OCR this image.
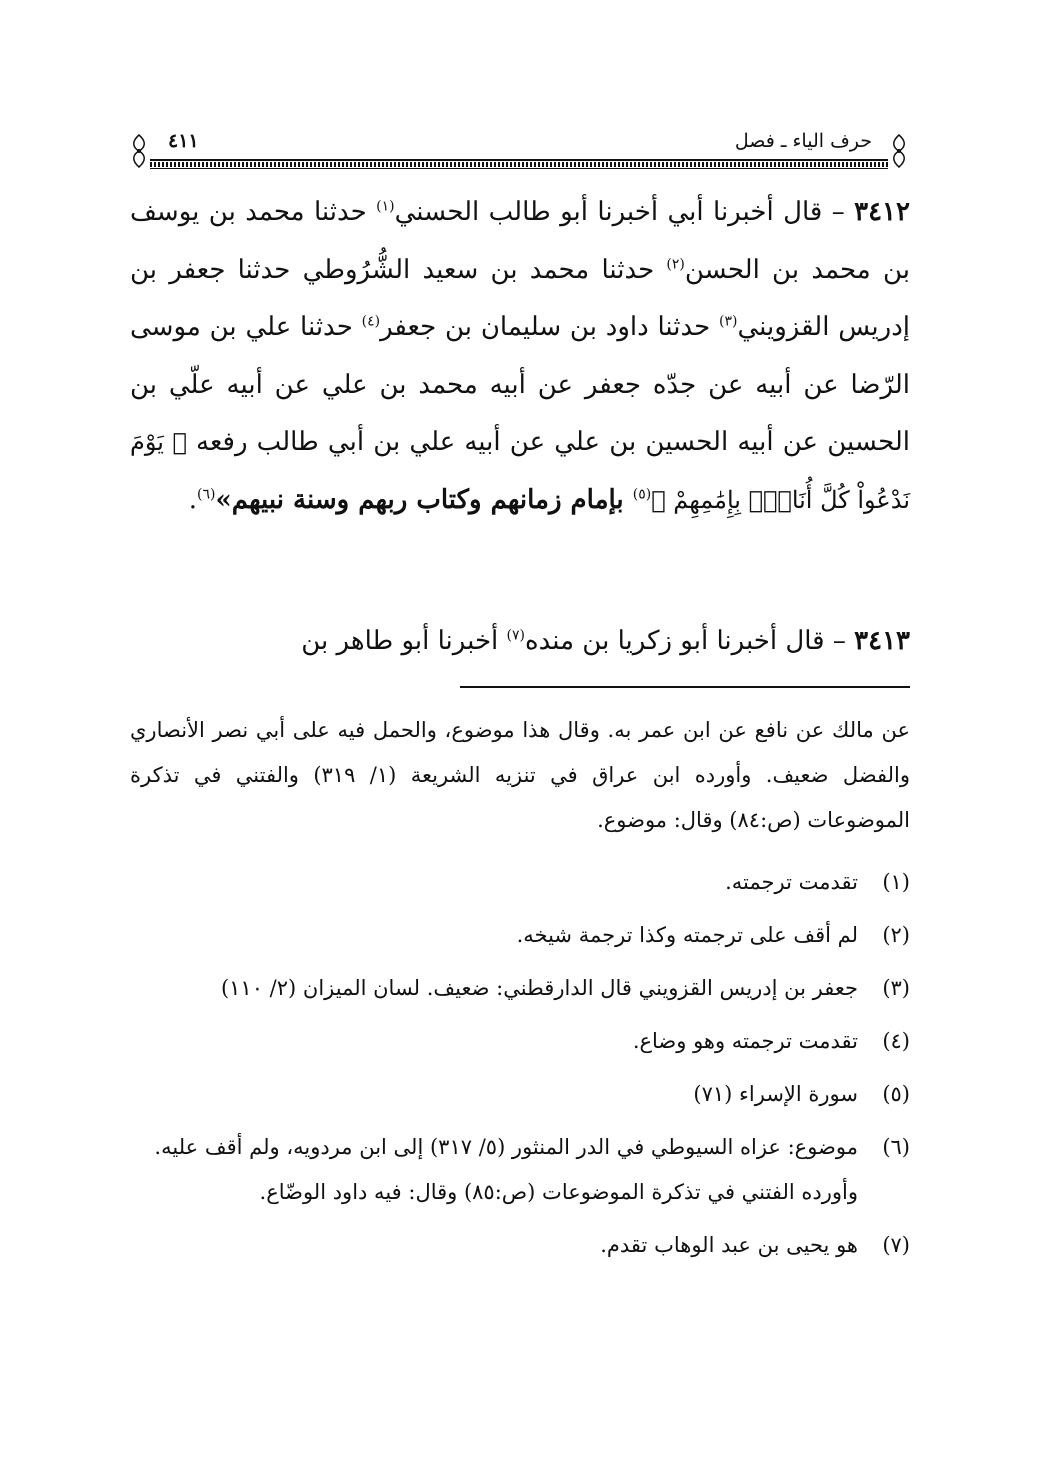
٤١١	حرف الياء ـ فصل

٣٤١٢ – قال أخبرنا أبي أخبرنا أبو طالب الحسني$^{(١)}$ حدثنا محمد بن يوسف بن محمد بن الحسن$^{(٢)}$ حدثنا محمد بن سعيد الشُّرُوطي حدثنا جعفر بن إدريس القزويني$^{(٣)}$ حدثنا داود بن سليمان بن جعفر$^{(٤)}$ حدثنا علي بن موسى الرّضا عن أبيه عن جدّه جعفر عن أبيه محمد بن علي عن أبيه علّي بن الحسين عن أبيه الحسين بن علي عن أبيه علي بن أبي طالب رفعه ﴿ يَوْمَ نَدْعُواْ كُلَّ أُنَاسِۭ بِإِمَٰمِهِمْ ﴾$^{(٥)}$ بإمام زمانهم وكتاب ربهم وسنة نبيهم»$^{(٦)}$.

٣٤١٣ – قال أخبرنا أبو زكريا بن منده$^{(٧)}$ أخبرنا أبو طاهر بن
عن مالك عن نافع عن ابن عمر به. وقال هذا موضوع، والحمل فيه على أبي نصر الأنصاري والفضل ضعيف. وأورده ابن عراق في تنزيه الشريعة (١/ ٣١٩) والفتني في تذكرة الموضوعات (ص:٨٤) وقال: موضوع.
(١)
تقدمت ترجمته.
(٢)
لم أقف على ترجمته وكذا ترجمة شيخه.
(٣)
جعفر بن إدريس القزويني قال الدارقطني: ضعيف. لسان الميزان (٢/ ١١٠)
(٤)
تقدمت ترجمته وهو وضاع.
(٥)
سورة الإسراء (٧١)
(٦)
موضوع: عزاه السيوطي في الدر المنثور (٥/ ٣١٧) إلى ابن مردويه، ولم أقف عليه.
وأورده الفتني في تذكرة الموضوعات (ص:٨٥) وقال: فيه داود الوضّاع.
(٧)
هو يحيى بن عبد الوهاب تقدم.
